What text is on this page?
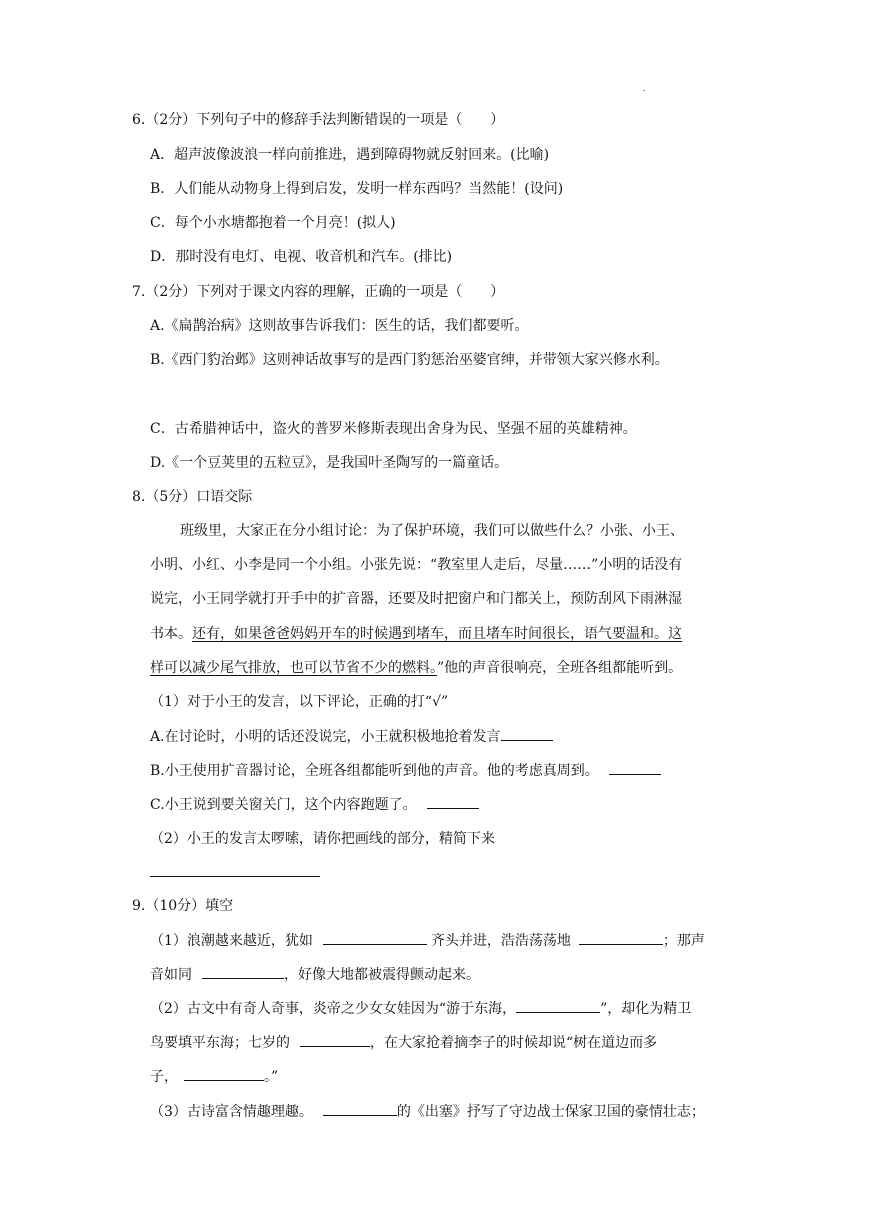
.
6.（2分）下列句子中的修辞手法判断错误的一项是（　　）
A．超声波像波浪一样向前推进，遇到障碍物就反射回来。(比喻)
B．人们能从动物身上得到启发，发明一样东西吗？当然能！(设问)
C．每个小水塘都抱着一个月亮！(拟人)
D．那时没有电灯、电视、收音机和汽车。(排比)
7.（2分）下列对于课文内容的理解，正确的一项是（　　）
A.《扁鹊治病》这则故事告诉我们：医生的话，我们都要听。
B.《西门豹治邺》这则神话故事写的是西门豹惩治巫婆官绅，并带领大家兴修水利。
C．古希腊神话中，盗火的普罗米修斯表现出舍身为民、坚强不屈的英雄精神。
D.《一个豆荚里的五粒豆》，是我国叶圣陶写的一篇童话。
8.（5分）口语交际
班级里，大家正在分小组讨论：为了保护环境，我们可以做些什么？小张、小王、
小明、小红、小李是同一个小组。小张先说：“教室里人走后，尽量……”小明的话没有
说完，小王同学就打开手中的扩音器，还要及时把窗户和门都关上，预防刮风下雨淋湿
书本。还有，如果爸爸妈妈开车的时候遇到堵车，而且堵车时间很长，语气要温和。这
样可以减少尾气排放，也可以节省不少的燃料。”他的声音很响亮，全班各组都能听到。
（1）对于小王的发言，以下评论，正确的打“√”
A.在讨论时，小明的话还没说完，小王就积极地抢着发言
B.小王使用扩音器讨论，全班各组都能听到他的声音。他的考虑真周到。
C.小王说到要关窗关门，这个内容跑题了。
（2）小王的发言太啰嗦，请你把画线的部分，精简下来
9.（10分）填空
（1）浪潮越来越近，犹如	齐头并进，浩浩荡荡地	；那声
音如同	，好像大地都被震得颤动起来。
（2）古文中有奇人奇事，炎帝之少女女娃因为“游于东海，	”，却化为精卫
鸟要填平东海；七岁的	，在大家抢着摘李子的时候却说“树在道边而多
子，	。”
（3）古诗富含情趣理趣。	的《出塞》抒写了守边战士保家卫国的豪情壮志；
